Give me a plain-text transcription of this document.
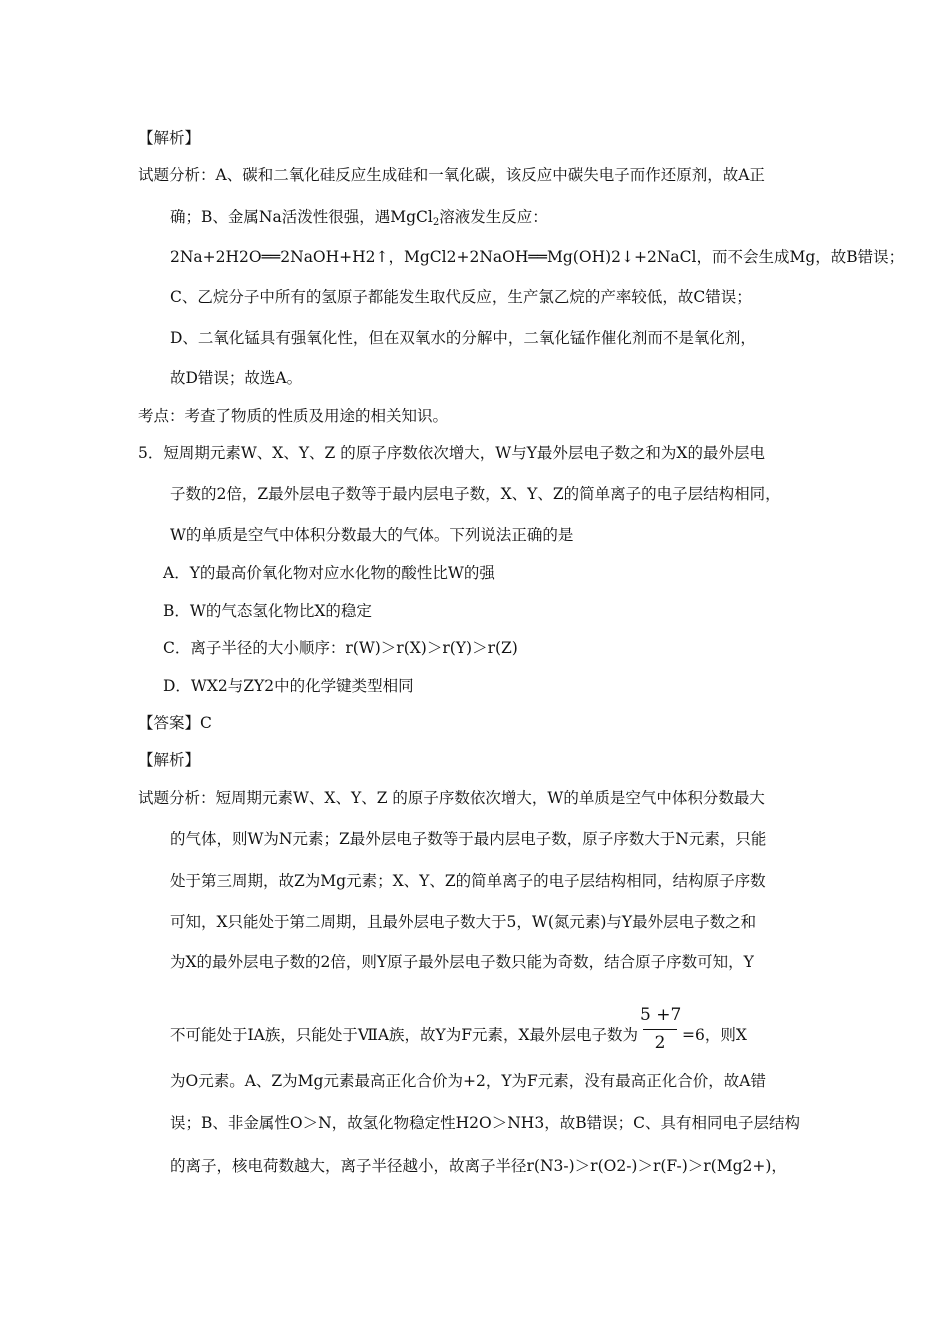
【解析】
试题分析：A、碳和二氧化硅反应生成硅和一氧化碳，该反应中碳失电子而作还原剂，故A正
确；B、金属Na活泼性很强，遇MgCl$_2$溶液发生反应：
2Na+2H2O══2NaOH+H2↑，MgCl2+2NaOH══Mg(OH)2↓+2NaCl，而不会生成Mg，故B错误；
C、乙烷分子中所有的氢原子都能发生取代反应，生产氯乙烷的产率较低，故C错误；
D、二氧化锰具有强氧化性，但在双氧水的分解中，二氧化锰作催化剂而不是氧化剂，
故D错误；故选A。
考点：考查了物质的性质及用途的相关知识。
5．短周期元素W、X、Y、Z 的原子序数依次增大，W与Y最外层电子数之和为X的最外层电
子数的2倍，Z最外层电子数等于最内层电子数，X、Y、Z的简单离子的电子层结构相同，
W的单质是空气中体积分数最大的气体。下列说法正确的是
A．Y的最高价氧化物对应水化物的酸性比W的强
B．W的气态氢化物比X的稳定
C．离子半径的大小顺序：r(W)＞r(X)＞r(Y)＞r(Z)
D．WX2与ZY2中的化学键类型相同
【答案】C
【解析】
试题分析：短周期元素W、X、Y、Z 的原子序数依次增大，W的单质是空气中体积分数最大
的气体，则W为N元素；Z最外层电子数等于最内层电子数，原子序数大于N元素，只能
处于第三周期，故Z为Mg元素；X、Y、Z的简单离子的电子层结构相同，结构原子序数
可知，X只能处于第二周期，且最外层电子数大于5，W(氮元素)与Y最外层电子数之和
为X的最外层电子数的2倍，则Y原子最外层电子数只能为奇数，结合原子序数可知，Y
不可能处于ⅠA族，只能处于ⅦA族，故Y为F元素，X最外层电子数为 $\frac{5 +7}{2} =6$，则X
为O元素。A、Z为Mg元素最高正化合价为+2，Y为F元素，没有最高正化合价，故A错
误；B、非金属性O＞N，故氢化物稳定性H2O＞NH3，故B错误；C、具有相同电子层结构
的离子，核电荷数越大，离子半径越小，故离子半径r(N3-)＞r(O2-)＞r(F-)＞r(Mg2+)，
